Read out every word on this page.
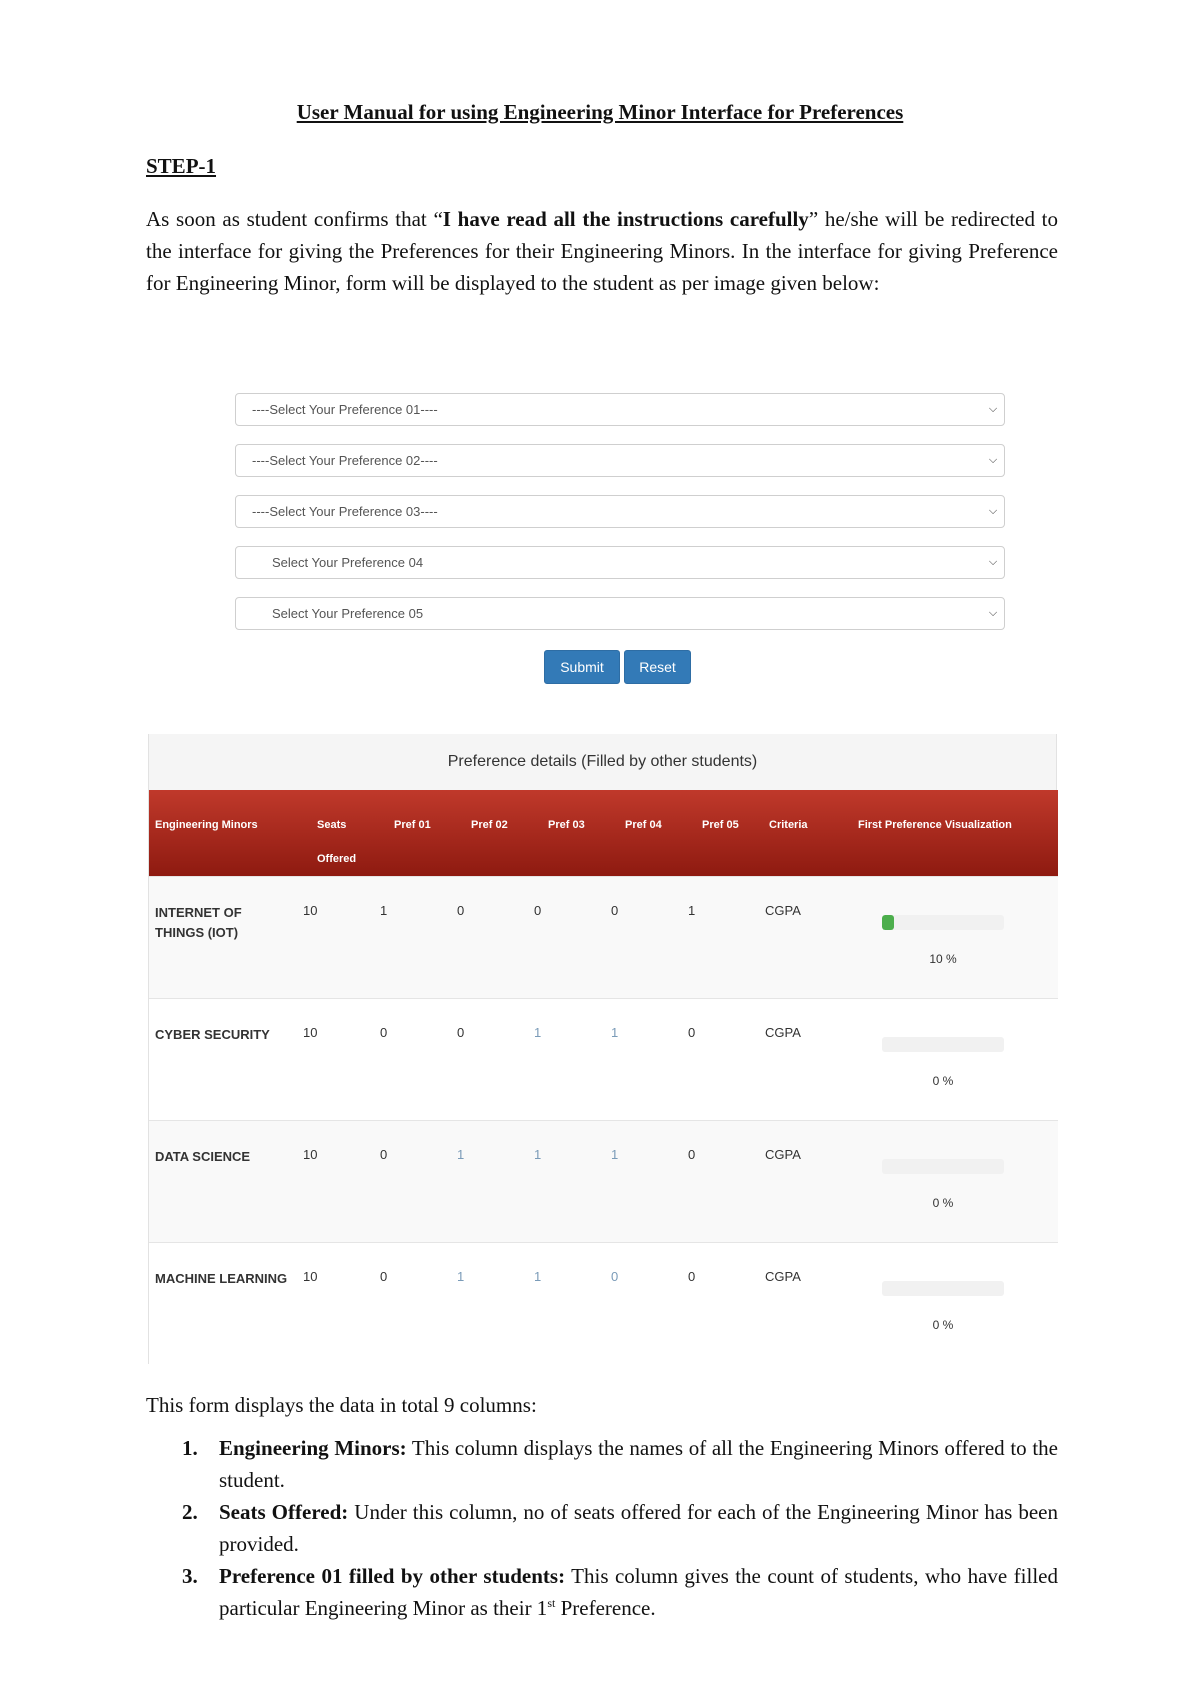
User Manual for using Engineering Minor Interface for Preferences
STEP-1

As soon as student confirms that “I have read all the instructions carefully” he/she will be redirected to the interface for giving the Preferences for their Engineering Minors. In the interface for giving Preference for Engineering Minor, form will be displayed to the student as per image given below:

----Select Your Preference 01----	⌵
----Select Your Preference 02----	⌵
----Select Your Preference 03----	⌵
Select Your Preference 04	⌵
Select Your Preference 05	⌵
Submit	Reset
Preference details (Filled by other students)
Engineering Minors	Seats Offered	Pref 01	Pref 02	Pref 03	Pref 04	Pref 05	Criteria	First Preference Visualization
INTERNET OF THINGS (IOT)	10	1	0	0	0	1	CGPA	10 %

CYBER SECURITY	10	0	0	1	1	0	CGPA	0 %

DATA SCIENCE	10	0	1	1	1	0	CGPA	0 %

MACHINE LEARNING	10	0	1	1	0	0	CGPA	0 %
This form displays the data in total 9 columns:
1. Engineering Minors: This column displays the names of all the Engineering Minors offered to the student.
2. Seats Offered: Under this column, no of seats offered for each of the Engineering Minor has been provided.
3. Preference 01 filled by other students: This column gives the count of students, who have filled particular Engineering Minor as their 1st Preference.
